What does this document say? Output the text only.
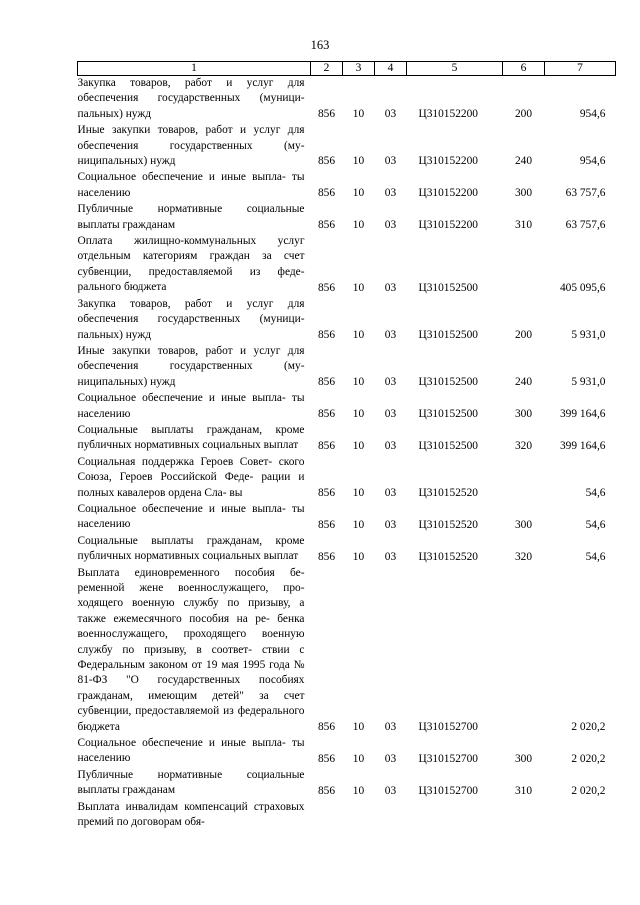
163
1	2	3	4	5	6	7
Закупка товаров, работ и услуг для обеспечения государственных (муници- пальных) нужд	856	10	03	Ц310152200	200	954,6
Иные закупки товаров, работ и услуг для обеспечения государственных (му- ниципальных) нужд	856	10	03	Ц310152200	240	954,6
Социальное обеспечение и иные выпла- ты населению	856	10	03	Ц310152200	300	63 757,6
Публичные нормативные социальные выплаты гражданам	856	10	03	Ц310152200	310	63 757,6
Оплата жилищно-коммунальных услуг отдельным категориям граждан за счет субвенции, предоставляемой из феде- рального бюджета	856	10	03	Ц310152500		405 095,6
Закупка товаров, работ и услуг для обеспечения государственных (муници- пальных) нужд	856	10	03	Ц310152500	200	5 931,0
Иные закупки товаров, работ и услуг для обеспечения государственных (му- ниципальных) нужд	856	10	03	Ц310152500	240	5 931,0
Социальное обеспечение и иные выпла- ты населению	856	10	03	Ц310152500	300	399 164,6
Социальные выплаты гражданам, кроме публичных нормативных социальных выплат	856	10	03	Ц310152500	320	399 164,6
Социальная поддержка Героев Совет- ского Союза, Героев Российской Феде- рации и полных кавалеров ордена Сла- вы	856	10	03	Ц310152520		54,6
Социальное обеспечение и иные выпла- ты населению	856	10	03	Ц310152520	300	54,6
Социальные выплаты гражданам, кроме публичных нормативных социальных выплат	856	10	03	Ц310152520	320	54,6
Выплата единовременного пособия бе- ременной жене военнослужащего, про- ходящего военную службу по призыву, а также ежемесячного пособия на ре- бенка военнослужащего, проходящего военную службу по призыву, в соответ- ствии с Федеральным законом от 19 мая 1995 года № 81-ФЗ "О государственных пособиях гражданам, имеющим детей" за счет субвенции, предоставляемой из федерального бюджета	856	10	03	Ц310152700		2 020,2
Социальное обеспечение и иные выпла- ты населению	856	10	03	Ц310152700	300	2 020,2
Публичные нормативные социальные выплаты гражданам	856	10	03	Ц310152700	310	2 020,2
Выплата инвалидам компенсаций страховых премий по договорам обя-						
